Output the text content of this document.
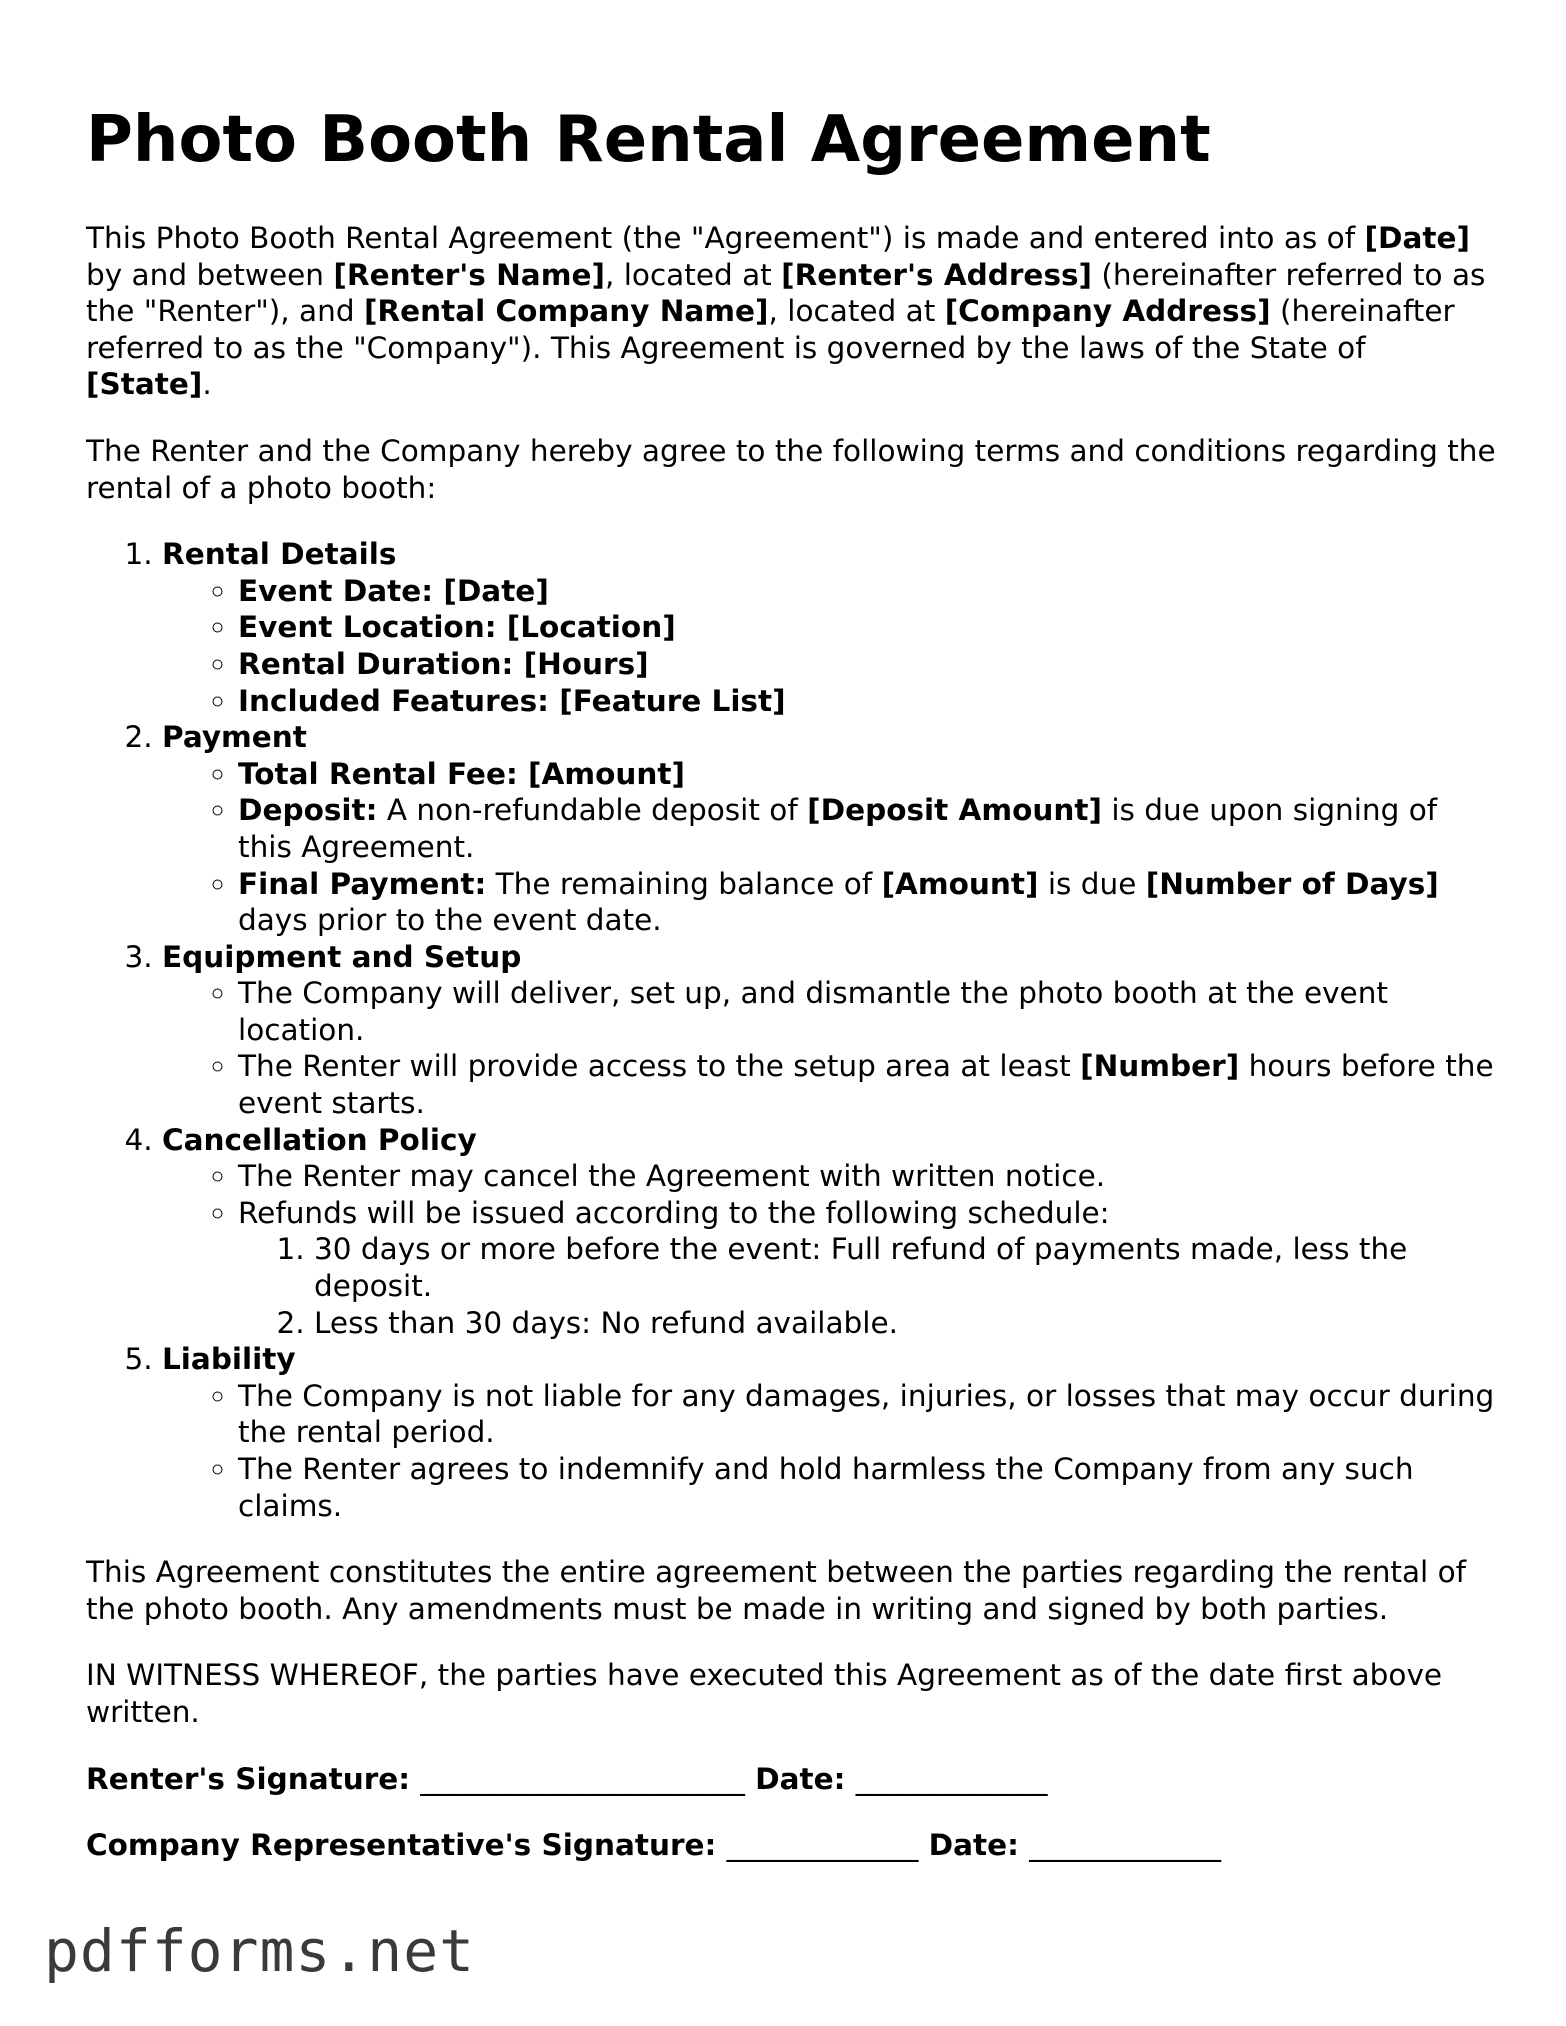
Photo Booth Rental Agreement

This Photo Booth Rental Agreement (the "Agreement") is made and entered into as of [Date] by and between [Renter's Name], located at [Renter's Address] (hereinafter referred to as the "Renter"), and [Rental Company Name], located at [Company Address] (hereinafter referred to as the "Company"). This Agreement is governed by the laws of the State of [State].

The Renter and the Company hereby agree to the following terms and conditions regarding the rental of a photo booth:

1. Rental Details
◦ Event Date: [Date]
◦ Event Location: [Location]
◦ Rental Duration: [Hours]
◦ Included Features: [Feature List]
2. Payment
◦ Total Rental Fee: [Amount]
◦ Deposit: A non-refundable deposit of [Deposit Amount] is due upon signing of this Agreement.
◦ Final Payment: The remaining balance of [Amount] is due [Number of Days] days prior to the event date.
3. Equipment and Setup
◦ The Company will deliver, set up, and dismantle the photo booth at the event location.
◦ The Renter will provide access to the setup area at least [Number] hours before the event starts.
4. Cancellation Policy
◦ The Renter may cancel the Agreement with written notice.
◦ Refunds will be issued according to the following schedule:
1. 30 days or more before the event: Full refund of payments made, less the deposit.
2. Less than 30 days: No refund available.
5. Liability
◦ The Company is not liable for any damages, injuries, or losses that may occur during the rental period.
◦ The Renter agrees to indemnify and hold harmless the Company from any such claims.

This Agreement constitutes the entire agreement between the parties regarding the rental of the photo booth. Any amendments must be made in writing and signed by both parties.

IN WITNESS WHEREOF, the parties have executed this Agreement as of the date first above written.

Renter's Signature: ______________________ Date: _____________
Company Representative's Signature: _____________ Date: _____________
pdfforms.net
